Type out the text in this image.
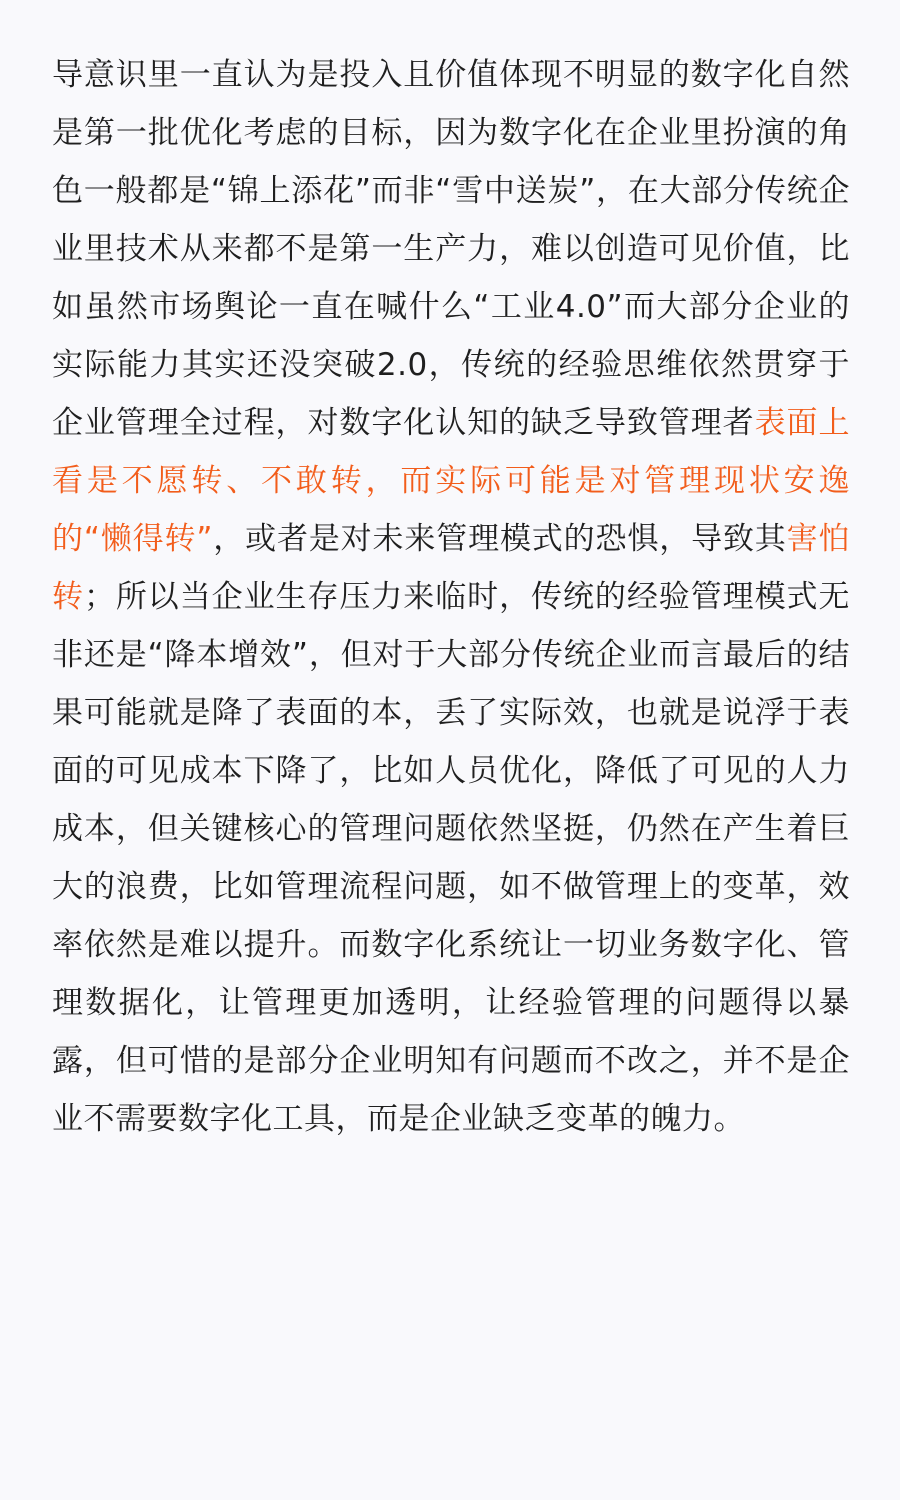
导意识里一直认为是投入且价值体现不明显的数字化自然是第一批优化考虑的目标，因为数字化在企业里扮演的角色一般都是“锦上添花”而非“雪中送炭”，在大部分传统企业里技术从来都不是第一生产力，难以创造可见价值，比如虽然市场舆论一直在喊什么“工业4.0”而大部分企业的实际能力其实还没突破2.0，传统的经验思维依然贯穿于企业管理全过程，对数字化认知的缺乏导致管理者表面上看是不愿转、不敢转，而实际可能是对管理现状安逸的“懒得转”，或者是对未来管理模式的恐惧，导致其害怕转；所以当企业生存压力来临时，传统的经验管理模式无非还是“降本增效”，但对于大部分传统企业而言最后的结果可能就是降了表面的本，丢了实际效，也就是说浮于表面的可见成本下降了，比如人员优化，降低了可见的人力成本，但关键核心的管理问题依然坚挺，仍然在产生着巨大的浪费，比如管理流程问题，如不做管理上的变革，效率依然是难以提升。而数字化系统让一切业务数字化、管理数据化，让管理更加透明，让经验管理的问题得以暴露，但可惜的是部分企业明知有问题而不改之，并不是企业不需要数字化工具，而是企业缺乏变革的魄力。
